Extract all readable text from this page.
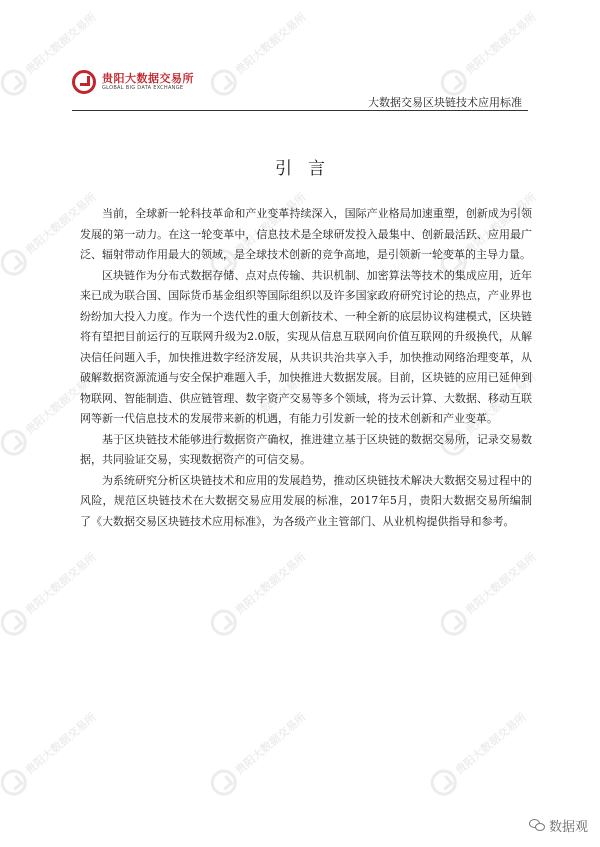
贵阳大数据交易所	贵阳大数据交易所	贵阳大数据交易所
贵阳大数据交易所	贵阳大数据交易所	贵阳大数据交易所
贵阳大数据交易所	贵阳大数据交易所	贵阳大数据交易所
贵阳大数据交易所	贵阳大数据交易所	贵阳大数据交易所
贵阳大数据交易所	贵阳大数据交易所	贵阳大数据交易所
贵阳大数据交易所
GLOBAL BIG DATA EXCHANGE
大数据交易区块链技术应用标准
引言

当前，全球新一轮科技革命和产业变革持续深入，国际产业格局加速重塑，创新成为引领发展的第一动力。在这一轮变革中，信息技术是全球研发投入最集中、创新最活跃、应用最广泛、辐射带动作用最大的领域，是全球技术创新的竞争高地，是引领新一轮变革的主导力量。

区块链作为分布式数据存储、点对点传输、共识机制、加密算法等技术的集成应用，近年来已成为联合国、国际货币基金组织等国际组织以及许多国家政府研究讨论的热点，产业界也纷纷加大投入力度。作为一个迭代性的重大创新技术、一种全新的底层协议构建模式，区块链将有望把目前运行的互联网升级为2.0版，实现从信息互联网向价值互联网的升级换代，从解决信任问题入手，加快推进数字经济发展，从共识共治共享入手，加快推动网络治理变革，从破解数据资源流通与安全保护难题入手，加快推进大数据发展。目前，区块链的应用已延伸到物联网、智能制造、供应链管理、数字资产交易等多个领域，将为云计算、大数据、移动互联网等新一代信息技术的发展带来新的机遇，有能力引发新一轮的技术创新和产业变革。

基于区块链技术能够进行数据资产确权，推进建立基于区块链的数据交易所，记录交易数据，共同验证交易，实现数据资产的可信交易。

为系统研究分析区块链技术和应用的发展趋势，推动区块链技术解决大数据交易过程中的风险，规范区块链技术在大数据交易应用发展的标准，2017年5月，贵阳大数据交易所编制了《大数据交易区块链技术应用标准》，为各级产业主管部门、从业机构提供指导和参考。

数据观
